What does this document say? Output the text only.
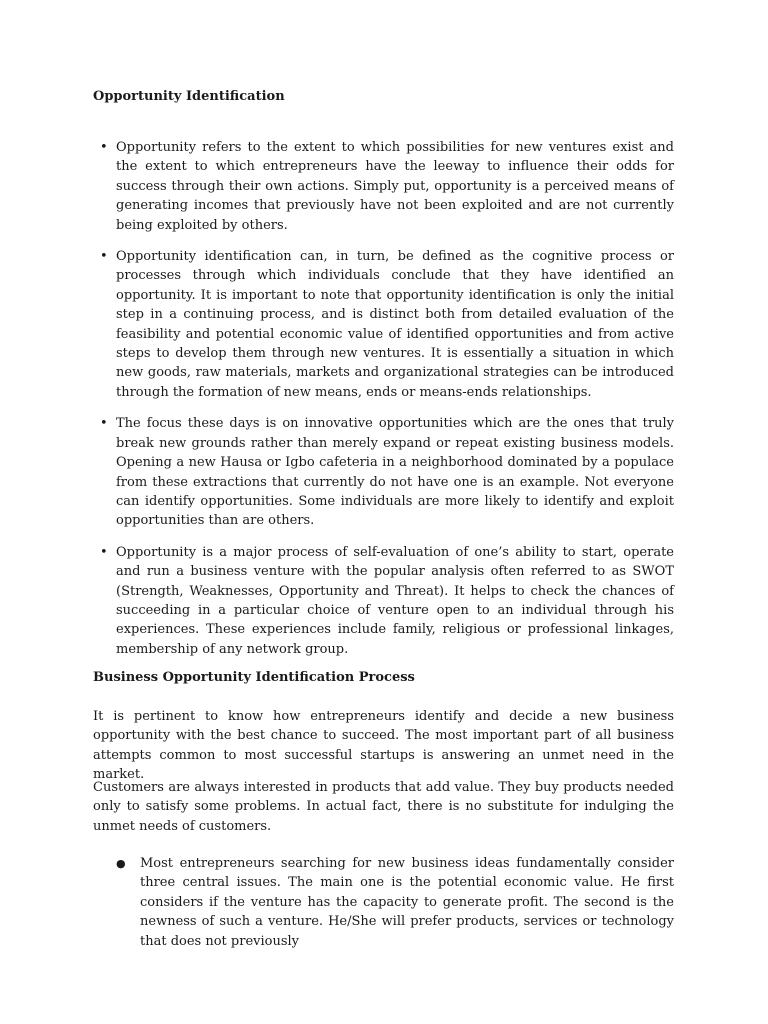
Opportunity Identification
• Opportunity refers to the extent to which possibilities for new ventures exist and the extent to which entrepreneurs have the leeway to influence their odds for success through their own actions. Simply put, opportunity is a perceived means of generating incomes that previously have not been exploited and are not currently being exploited by others.
• Opportunity identification can, in turn, be defined as the cognitive process or processes through which individuals conclude that they have identified an opportunity. It is important to note that opportunity identification is only the initial step in a continuing process, and is distinct both from detailed evaluation of the feasibility and potential economic value of identified opportunities and from active steps to develop them through new ventures. It is essentially a situation in which new goods, raw materials, markets and organizational strategies can be introduced through the formation of new means, ends or means-ends relationships.
• The focus these days is on innovative opportunities which are the ones that truly break new grounds rather than merely expand or repeat existing business models. Opening a new Hausa or Igbo cafeteria in a neighborhood dominated by a populace from these extractions that currently do not have one is an example. Not everyone can identify opportunities. Some individuals are more likely to identify and exploit opportunities than are others.
• Opportunity is a major process of self-evaluation of one’s ability to start, operate and run a business venture with the popular analysis often referred to as SWOT (Strength, Weaknesses, Opportunity and Threat). It helps to check the chances of succeeding in a particular choice of venture open to an individual through his experiences. These experiences include family, religious or professional linkages, membership of any network group.
Business Opportunity Identification Process

It is pertinent to know how entrepreneurs identify and decide a new business opportunity with the best chance to succeed. The most important part of all business attempts common to most successful startups is answering an unmet need in the market.

Customers are always interested in products that add value. They buy products needed only to satisfy some problems. In actual fact, there is no substitute for indulging the unmet needs of customers.

● Most entrepreneurs searching for new business ideas fundamentally consider three central issues. The main one is the potential economic value. He first considers if the venture has the capacity to generate profit. The second is the newness of such a venture. He/She will prefer products, services or technology that does not previously
